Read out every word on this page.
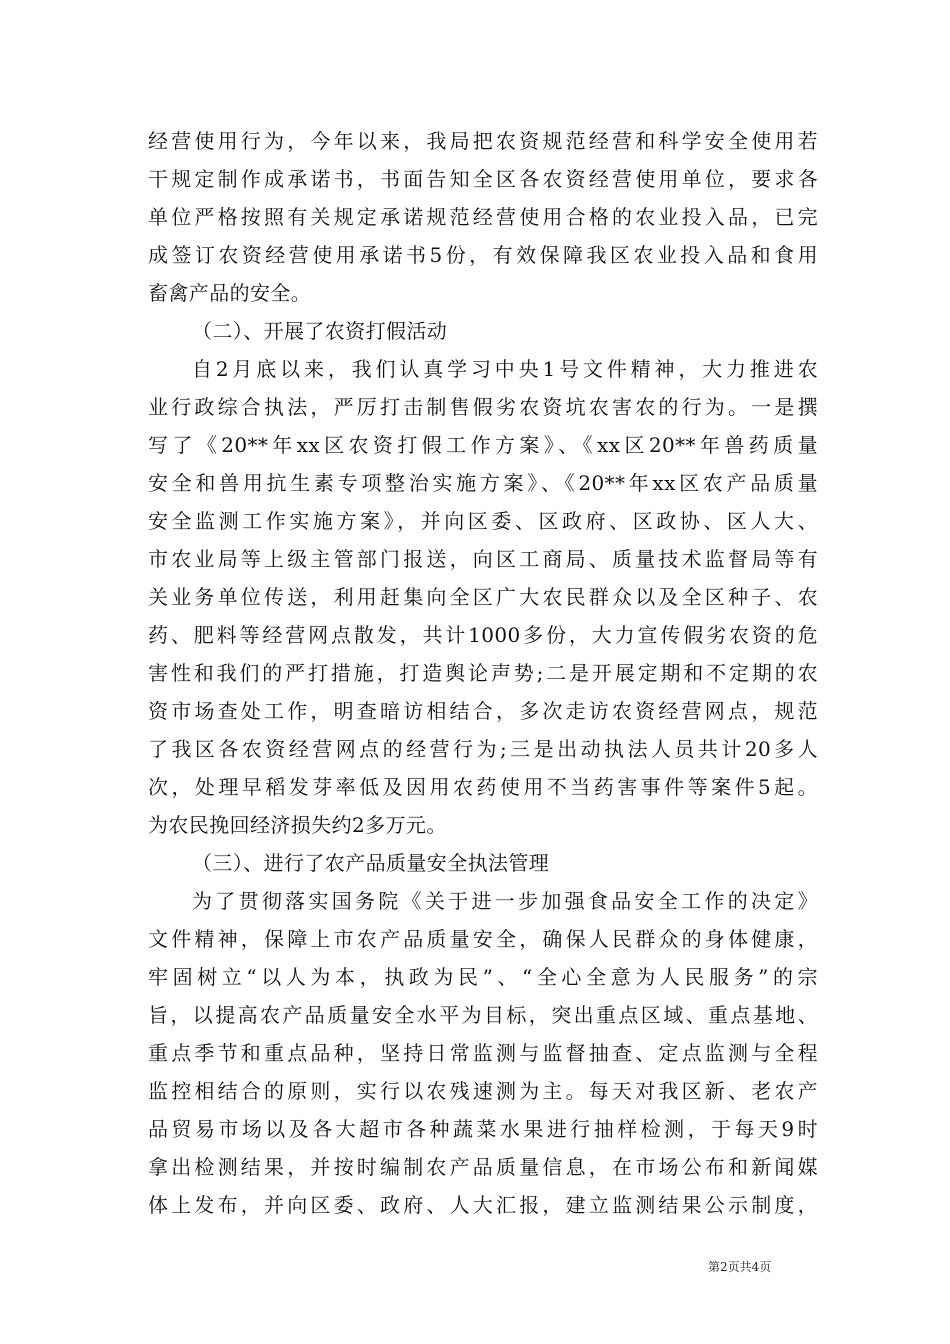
经营使用行为，今年以来，我局把农资规范经营和科学安全使用若
干规定制作成承诺书，书面告知全区各农资经营使用单位，要求各
单位严格按照有关规定承诺规范经营使用合格的农业投入品，已完
成签订农资经营使用承诺书5份，有效保障我区农业投入品和食用
畜禽产品的安全。
（二）、开展了农资打假活动
自2月底以来，我们认真学习中央1号文件精神，大力推进农
业行政综合执法，严厉打击制售假劣农资坑农害农的行为。一是撰
写了《20**年xx区农资打假工作方案》、《xx区20**年兽药质量
安全和兽用抗生素专项整治实施方案》、《20**年xx区农产品质量
安全监测工作实施方案》，并向区委、区政府、区政协、区人大、
市农业局等上级主管部门报送，向区工商局、质量技术监督局等有
关业务单位传送，利用赶集向全区广大农民群众以及全区种子、农
药、肥料等经营网点散发，共计1000多份，大力宣传假劣农资的危
害性和我们的严打措施，打造舆论声势;二是开展定期和不定期的农
资市场查处工作，明查暗访相结合，多次走访农资经营网点，规范
了我区各农资经营网点的经营行为;三是出动执法人员共计20多人
次，处理早稻发芽率低及因用农药使用不当药害事件等案件5起。
为农民挽回经济损失约2多万元。
（三）、进行了农产品质量安全执法管理
为了贯彻落实国务院《关于进一步加强食品安全工作的决定》
文件精神，保障上市农产品质量安全，确保人民群众的身体健康，
牢固树立“以人为本，执政为民”、“全心全意为人民服务”的宗
旨，以提高农产品质量安全水平为目标，突出重点区域、重点基地、
重点季节和重点品种，坚持日常监测与监督抽查、定点监测与全程
监控相结合的原则，实行以农残速测为主。每天对我区新、老农产
品贸易市场以及各大超市各种蔬菜水果进行抽样检测，于每天9时
拿出检测结果，并按时编制农产品质量信息，在市场公布和新闻媒
体上发布，并向区委、政府、人大汇报，建立监测结果公示制度，
第2页共4页
